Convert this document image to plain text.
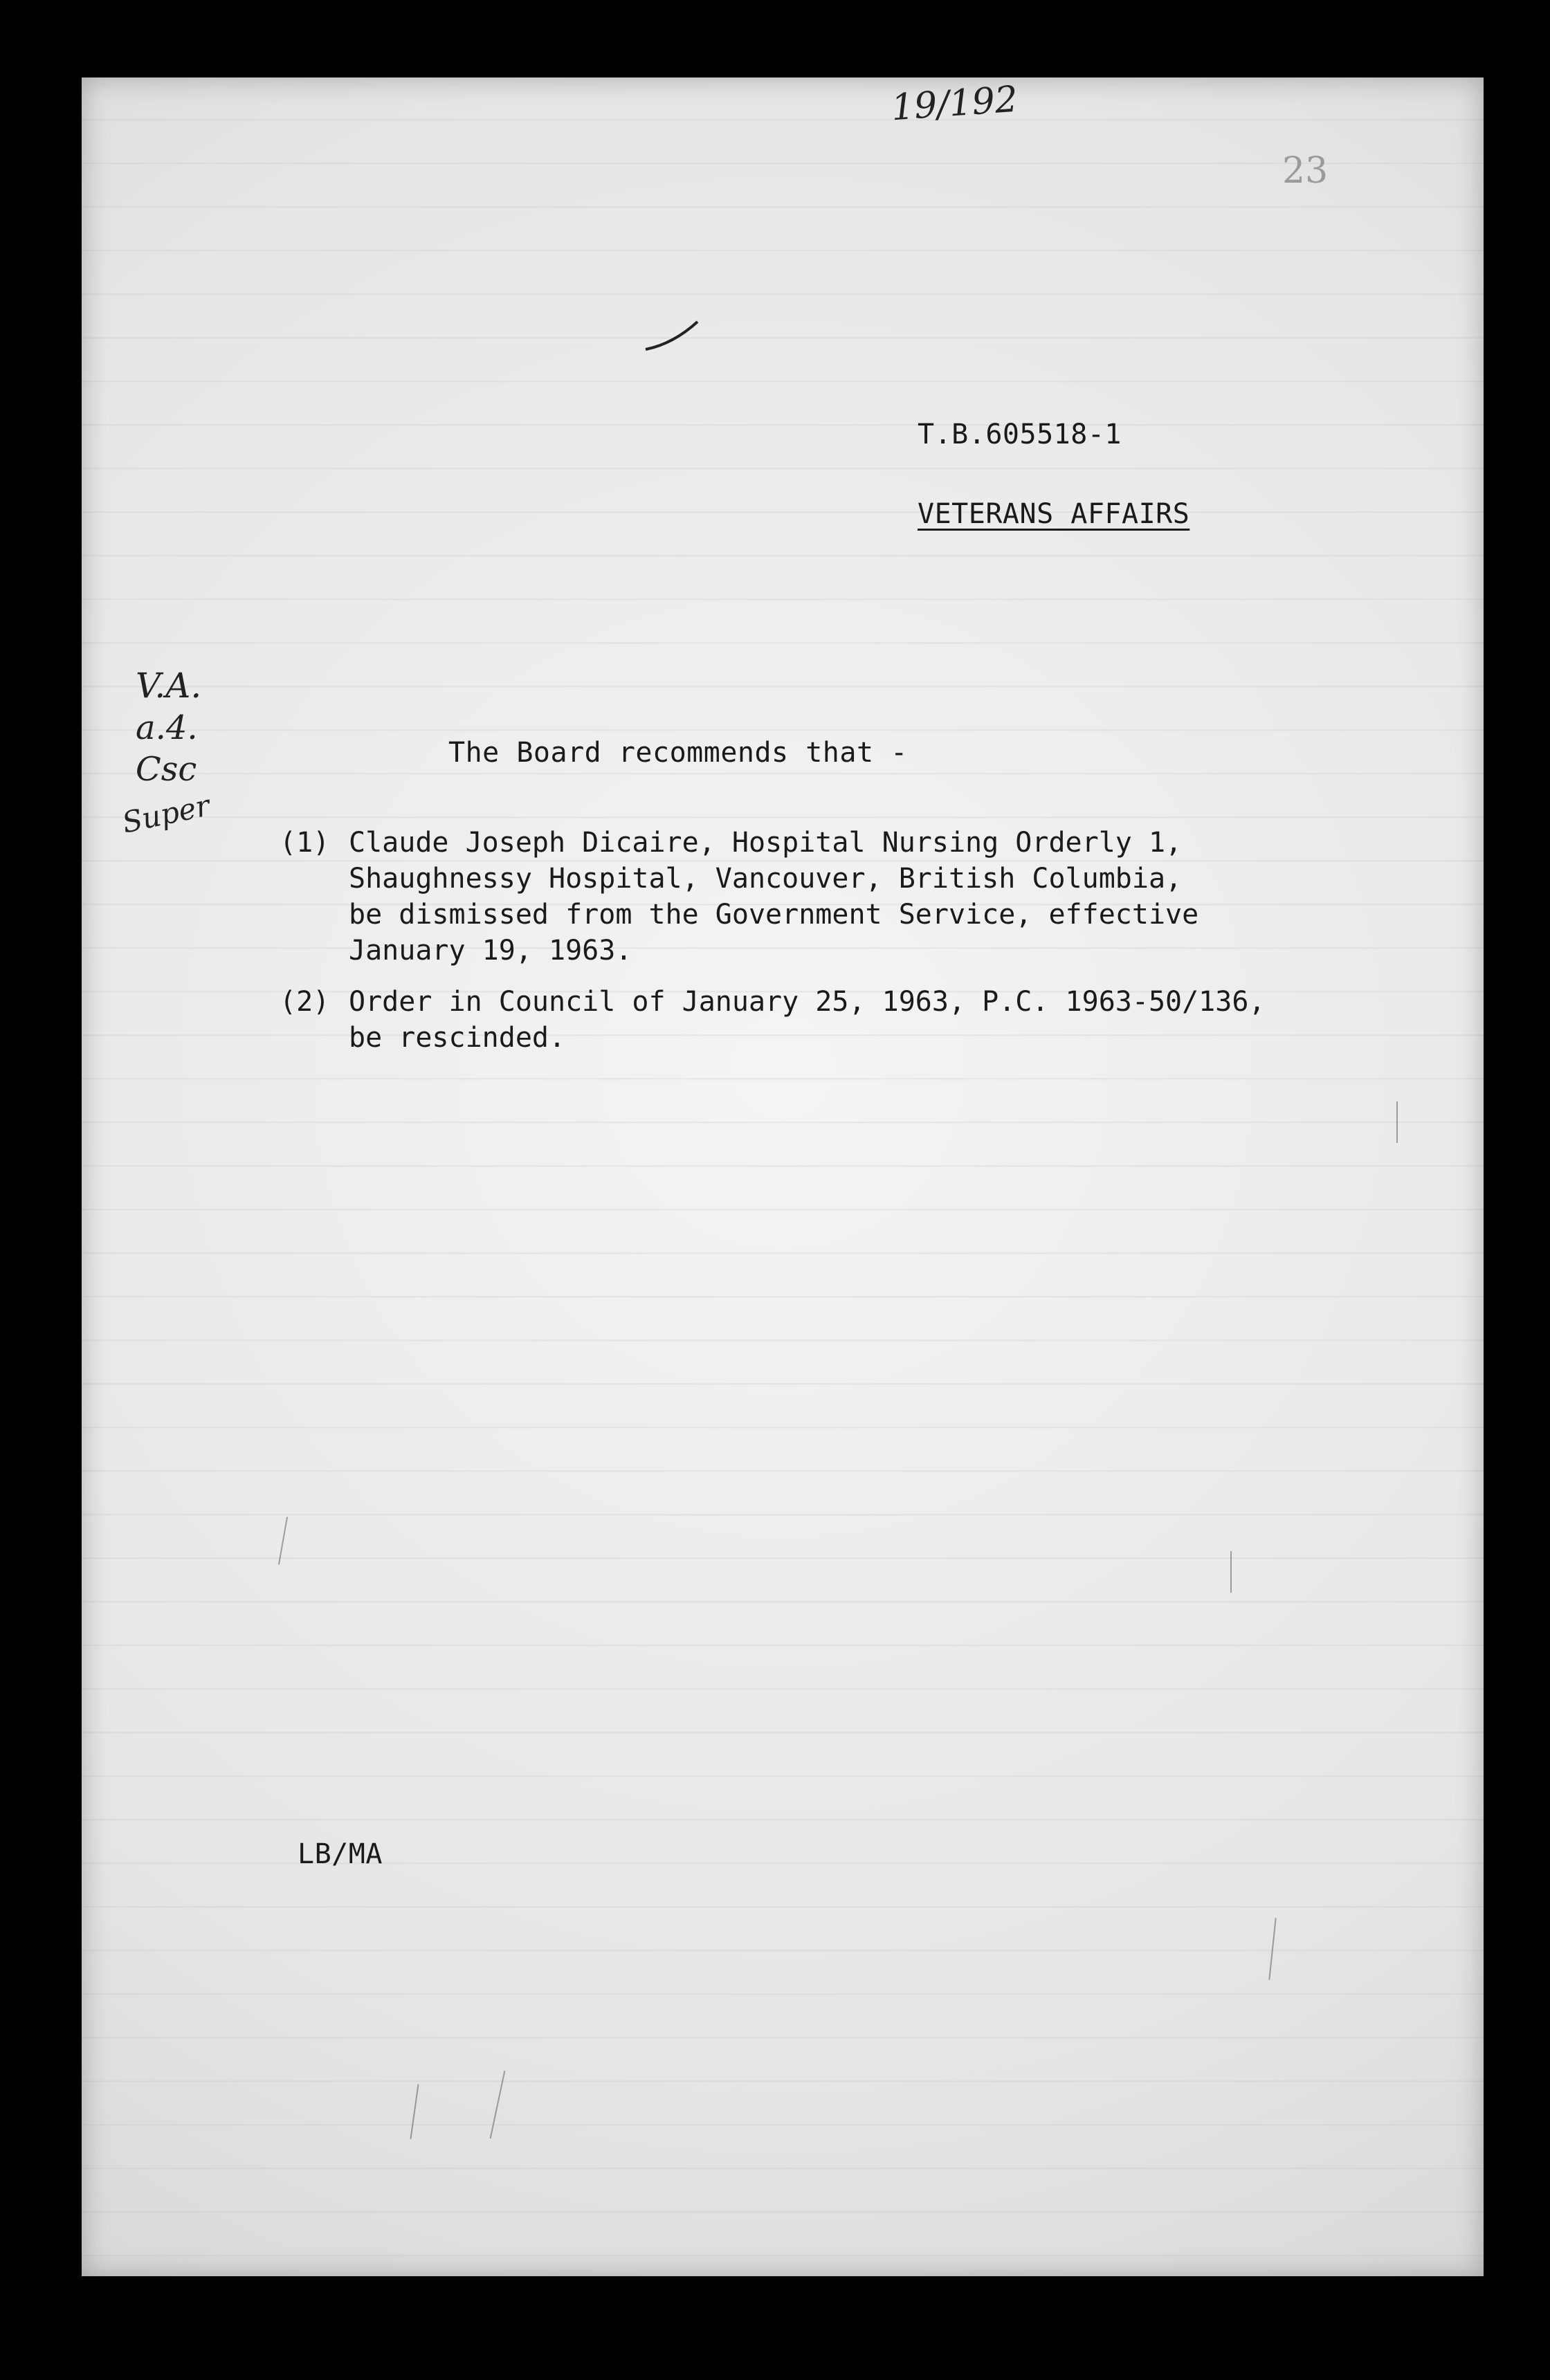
19/192
23
T.B.605518-1
VETERANS AFFAIRS
V.A.
a.4.
Csc
Super
The Board recommends that -
(1) Claude Joseph Dicaire, Hospital Nursing Orderly 1,
Shaughnessy Hospital, Vancouver, British Columbia,
be dismissed from the Government Service, effective
January 19, 1963.
(2) Order in Council of January 25, 1963, P.C. 1963-50/136,
be rescinded.
LB/MA
